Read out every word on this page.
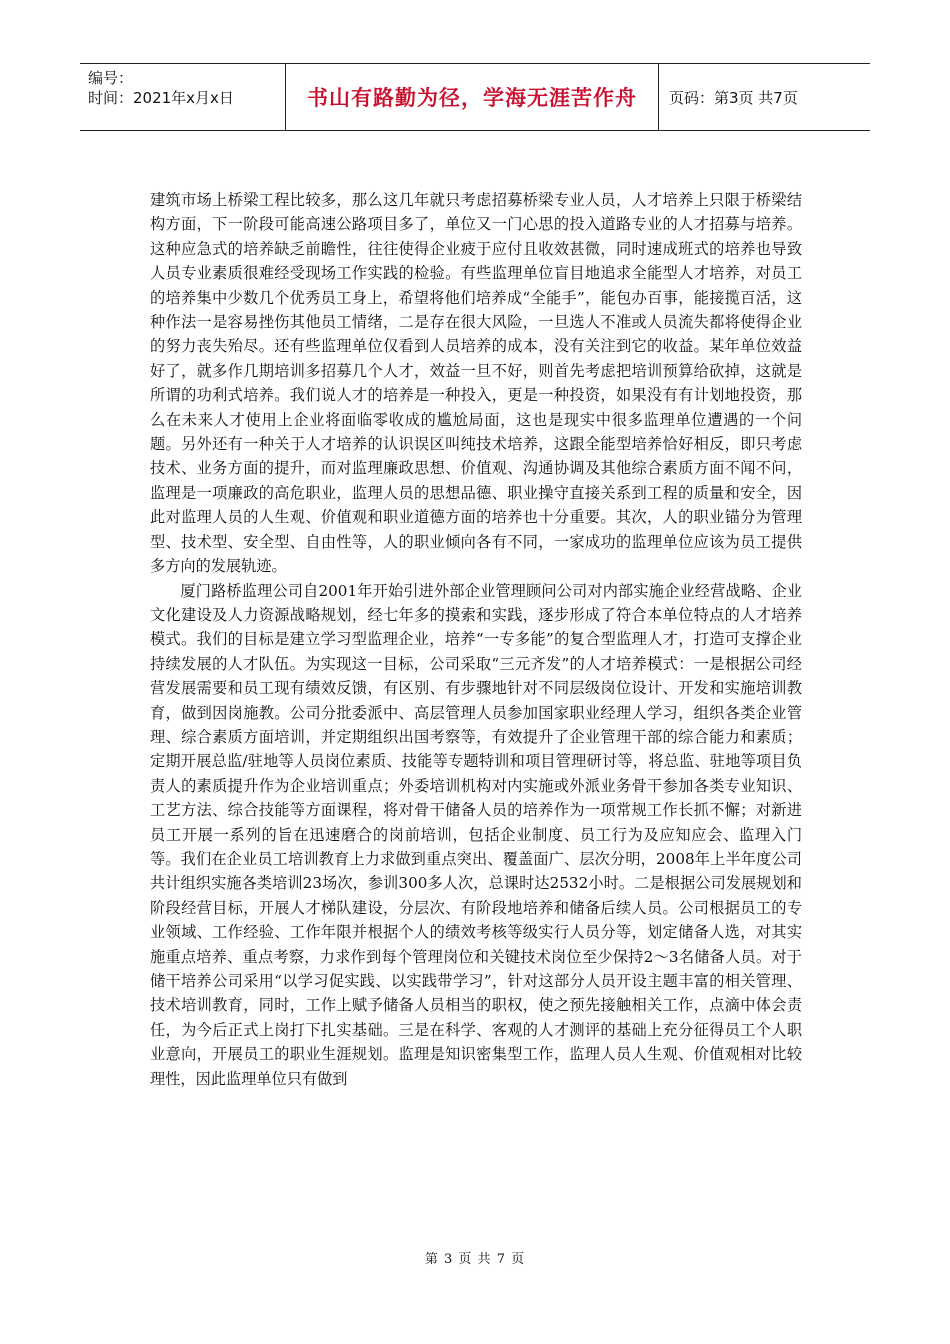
编号：
时间：2021年x月x日	书山有路勤为径，学海无涯苦作舟	页码：第3页 共7页

建筑市场上桥梁工程比较多，那么这几年就只考虑招募桥梁专业人员，人才培养上只限于桥梁结构方面，下一阶段可能高速公路项目多了，单位又一门心思的投入道路专业的人才招募与培养。这种应急式的培养缺乏前瞻性，往往使得企业疲于应付且收效甚微，同时速成班式的培养也导致人员专业素质很难经受现场工作实践的检验。有些监理单位盲目地追求全能型人才培养，对员工的培养集中少数几个优秀员工身上，希望将他们培养成“全能手”，能包办百事，能接揽百活，这种作法一是容易挫伤其他员工情绪，二是存在很大风险，一旦选人不准或人员流失都将使得企业的努力丧失殆尽。还有些监理单位仅看到人员培养的成本，没有关注到它的收益。某年单位效益好了，就多作几期培训多招募几个人才，效益一旦不好，则首先考虑把培训预算给砍掉，这就是所谓的功利式培养。我们说人才的培养是一种投入，更是一种投资，如果没有有计划地投资，那么在未来人才使用上企业将面临零收成的尴尬局面，这也是现实中很多监理单位遭遇的一个问题。另外还有一种关于人才培养的认识误区叫纯技术培养，这跟全能型培养恰好相反，即只考虑技术、业务方面的提升，而对监理廉政思想、价值观、沟通协调及其他综合素质方面不闻不问，监理是一项廉政的高危职业，监理人员的思想品德、职业操守直接关系到工程的质量和安全，因此对监理人员的人生观、价值观和职业道德方面的培养也十分重要。其次，人的职业锚分为管理型、技术型、安全型、自由性等，人的职业倾向各有不同，一家成功的监理单位应该为员工提供多方向的发展轨迹。

厦门路桥监理公司自2001年开始引进外部企业管理顾问公司对内部实施企业经营战略、企业文化建设及人力资源战略规划，经七年多的摸索和实践，逐步形成了符合本单位特点的人才培养模式。我们的目标是建立学习型监理企业，培养“一专多能”的复合型监理人才，打造可支撑企业持续发展的人才队伍。为实现这一目标，公司采取“三元齐发”的人才培养模式：一是根据公司经营发展需要和员工现有绩效反馈，有区别、有步骤地针对不同层级岗位设计、开发和实施培训教育，做到因岗施教。公司分批委派中、高层管理人员参加国家职业经理人学习，组织各类企业管理、综合素质方面培训，并定期组织出国考察等，有效提升了企业管理干部的综合能力和素质；定期开展总监/驻地等人员岗位素质、技能等专题特训和项目管理研讨等，将总监、驻地等项目负责人的素质提升作为企业培训重点；外委培训机构对内实施或外派业务骨干参加各类专业知识、工艺方法、综合技能等方面课程，将对骨干储备人员的培养作为一项常规工作长抓不懈；对新进员工开展一系列的旨在迅速磨合的岗前培训，包括企业制度、员工行为及应知应会、监理入门等。我们在企业员工培训教育上力求做到重点突出、覆盖面广、层次分明，2008年上半年度公司共计组织实施各类培训23场次，参训300多人次，总课时达2532小时。二是根据公司发展规划和阶段经营目标，开展人才梯队建设，分层次、有阶段地培养和储备后续人员。公司根据员工的专业领域、工作经验、工作年限并根据个人的绩效考核等级实行人员分等，划定储备人选，对其实施重点培养、重点考察，力求作到每个管理岗位和关键技术岗位至少保持2～3名储备人员。对于储干培养公司采用“以学习促实践、以实践带学习”，针对这部分人员开设主题丰富的相关管理、技术培训教育，同时，工作上赋予储备人员相当的职权，使之预先接触相关工作，点滴中体会责任，为今后正式上岗打下扎实基础。三是在科学、客观的人才测评的基础上充分征得员工个人职业意向，开展员工的职业生涯规划。监理是知识密集型工作，监理人员人生观、价值观相对比较理性，因此监理单位只有做到

第 3 页 共 7 页
